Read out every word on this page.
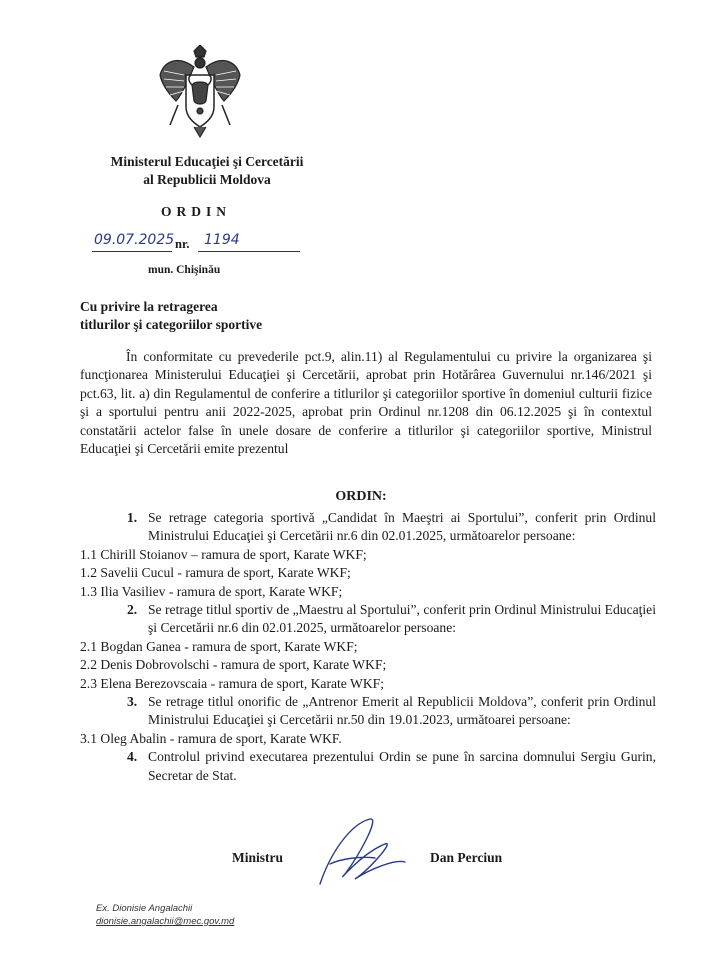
Ministerul Educaţiei şi Cercetării
al Republicii Moldova
ORDIN
09.07.2025 nr. 1194
mun. Chişinău
Cu privire la retragerea
titlurilor şi categoriilor sportive

În conformitate cu prevederile pct.9, alin.11) al Regulamentului cu privire la organizarea şi funcţionarea Ministerului Educaţiei şi Cercetării, aprobat prin Hotărârea Guvernului nr.146/2021 şi pct.63, lit. a) din Regulamentul de conferire a titlurilor şi categoriilor sportive în domeniul culturii fizice şi a sportului pentru anii 2022-2025, aprobat prin Ordinul nr.1208 din 06.12.2025 şi în contextul constatării actelor false în unele dosare de conferire a titlurilor şi categoriilor sportive, Ministrul Educaţiei şi Cercetării emite prezentul

ORDIN:
1. Se retrage categoria sportivă „Candidat în Maeştri ai Sportului”, conferit prin Ordinul Ministrului Educaţiei şi Cercetării nr.6 din 02.01.2025, următoarelor persoane:
1.1 Chirill Stoianov – ramura de sport, Karate WKF;
1.2 Savelii Cucul - ramura de sport, Karate WKF;
1.3 Ilia Vasiliev - ramura de sport, Karate WKF;
2. Se retrage titlul sportiv de „Maestru al Sportului”, conferit prin Ordinul Ministrului Educaţiei şi Cercetării nr.6 din 02.01.2025, următoarelor persoane:
2.1 Bogdan Ganea - ramura de sport, Karate WKF;
2.2 Denis Dobrovolschi - ramura de sport, Karate WKF;
2.3 Elena Berezovscaia - ramura de sport, Karate WKF;
3. Se retrage titlul onorific de „Antrenor Emerit al Republicii Moldova”, conferit prin Ordinul Ministrului Educaţiei şi Cercetării nr.50 din 19.01.2023, următoarei persoane:
3.1 Oleg Abalin - ramura de sport, Karate WKF.
4. Controlul privind executarea prezentului Ordin se pune în sarcina domnului Sergiu Gurin, Secretar de Stat.
Ministru	Dan Perciun
Ex. Dionisie Angalachii
dionisie.angalachii@mec.gov.md
